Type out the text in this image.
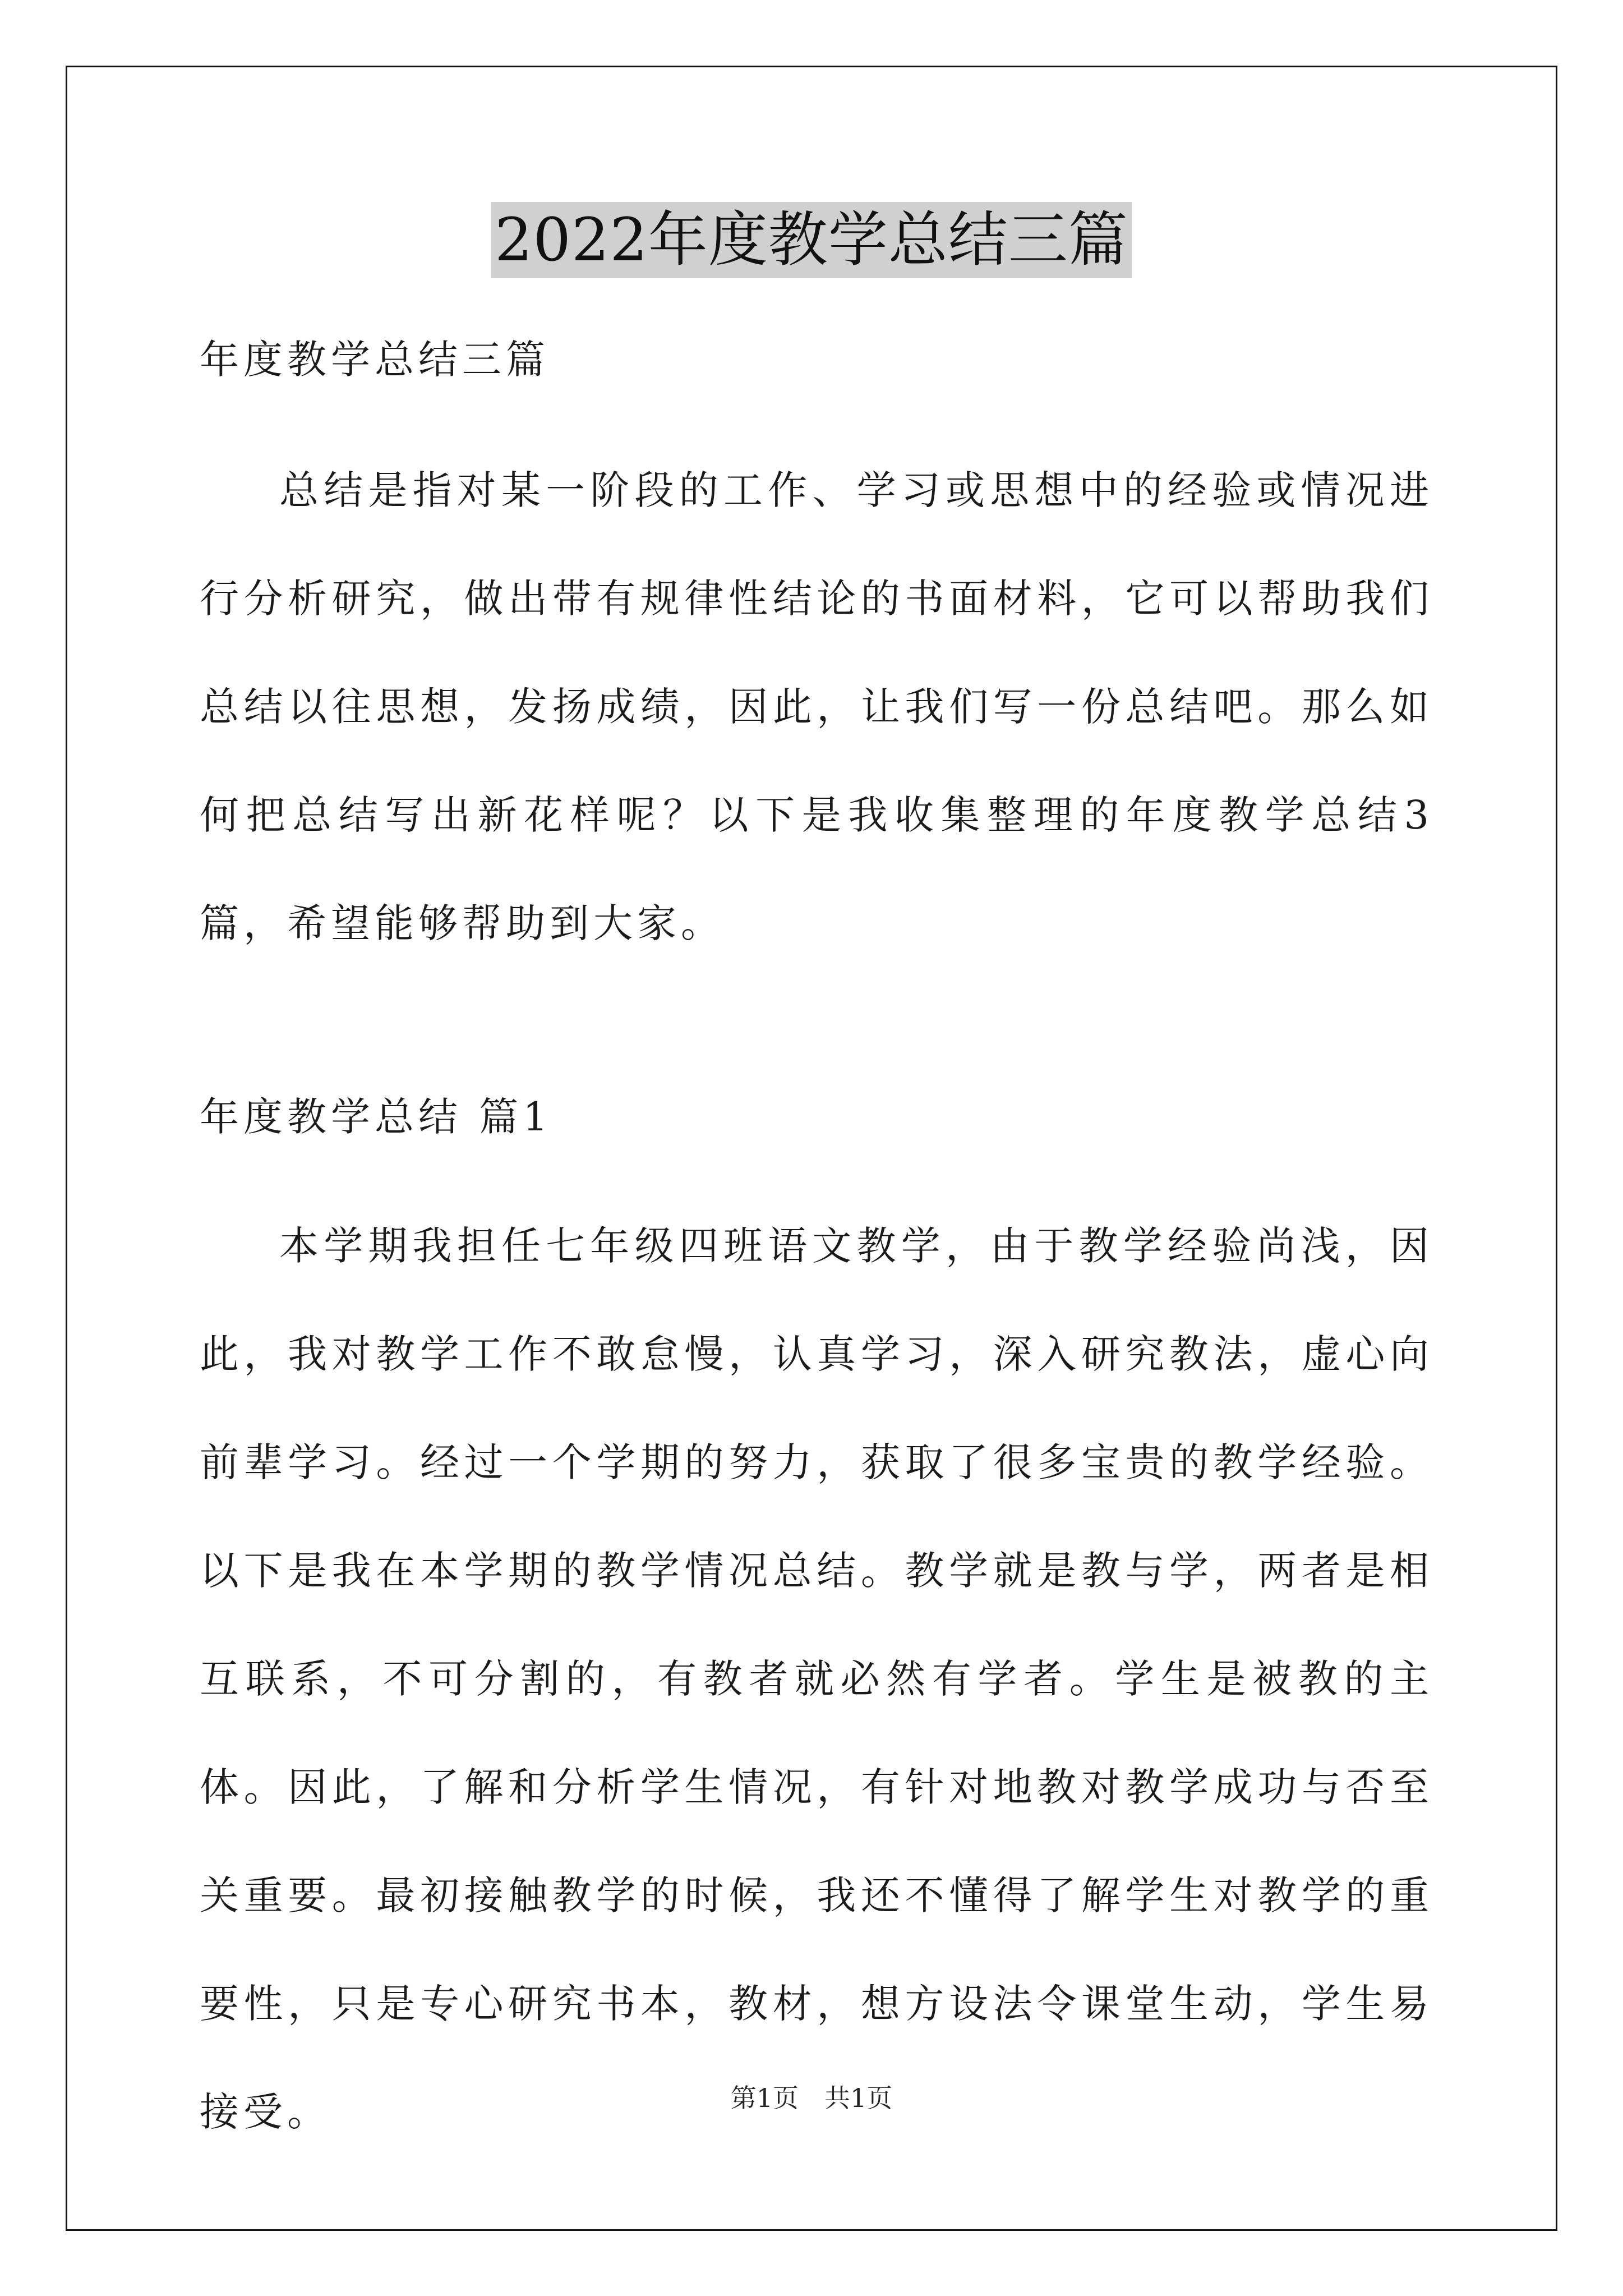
2022年度教学总结三篇

年度教学总结三篇

总结是指对某一阶段的工作、学习或思想中的经验或情况进行分析研究，做出带有规律性结论的书面材料，它可以帮助我们总结以往思想，发扬成绩，因此，让我们写一份总结吧。那么如何把总结写出新花样呢？以下是我收集整理的年度教学总结3篇，希望能够帮助到大家。

年度教学总结 篇1

本学期我担任七年级四班语文教学，由于教学经验尚浅，因此，我对教学工作不敢怠慢，认真学习，深入研究教法，虚心向前辈学习。经过一个学期的努力，获取了很多宝贵的教学经验。以下是我在本学期的教学情况总结。教学就是教与学，两者是相互联系，不可分割的，有教者就必然有学者。学生是被教的主体。因此，了解和分析学生情况，有针对地教对教学成功与否至关重要。最初接触教学的时候，我还不懂得了解学生对教学的重要性，只是专心研究书本，教材，想方设法令课堂生动，学生易接受。	第1页　共1页
